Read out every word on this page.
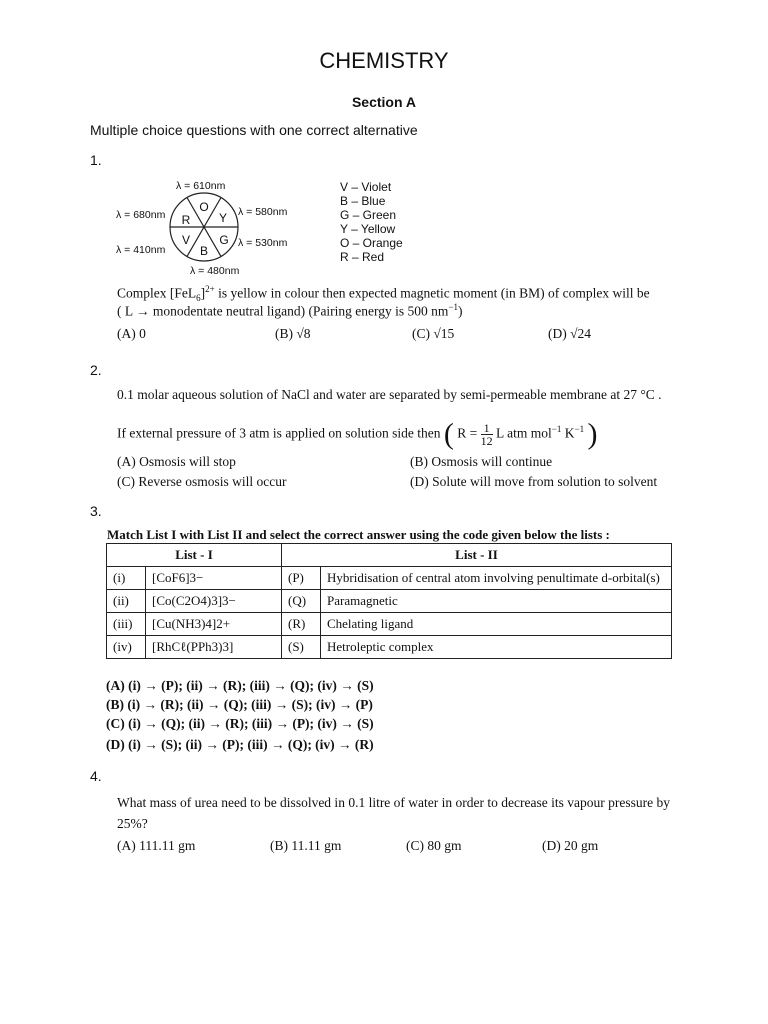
CHEMISTRY
Section A
Multiple choice questions with one correct alternative
1.
λ = 610nm
λ = 580nm
λ = 530nm
λ = 480nm
λ = 410nm
λ = 680nm
O
Y
G
B
V
R
V – Violet
B – Blue
G – Green
Y – Yellow
O – Orange
R – Red
Complex $[FeL_6]^{2+}$ is yellow in colour then expected magnetic moment (in BM) of complex will be
( L → monodentate neutral ligand) (Pairing energy is 500 $nm^{-1}$)
(A) 0	(B) √8	(C) √15	(D) √24
2.
0.1 molar aqueous solution of NaCl and water are separated by semi-permeable membrane at 27 °C .
If external pressure of 3 atm is applied on solution side then ( $R = \frac{1}{12}$ L atm mol$^{-1}$ $K^{-1}$ )
(A) Osmosis will stop	(B) Osmosis will continue
(C) Reverse osmosis will occur	(D) Solute will move from solution to solvent
3.
Match List I with List II and select the correct answer using the code given below the lists :
List - I		List - II	
(i)	[CoF6]3−	(P)	Hybridisation of central atom involving penultimate d-orbital(s)
(ii)	[Co(C2O4)3]3−	(Q)	Paramagnetic
(iii)	[Cu(NH3)4]2+	(R)	Chelating ligand
(iv)	[RhCℓ(PPh3)3]	(S)	Hetroleptic complex
(A) (i) → (P); (ii) → (R); (iii) → (Q); (iv) → (S)
(B) (i) → (R); (ii) → (Q); (iii) → (S); (iv) → (P)
(C) (i) → (Q); (ii) → (R); (iii) → (P); (iv) → (S)
(D) (i) → (S); (ii) → (P); (iii) → (Q); (iv) → (R)
4.
What mass of urea need to be dissolved in 0.1 litre of water in order to decrease its vapour pressure by
25%?
(A) 111.11 gm	(B) 11.11 gm	(C) 80 gm	(D) 20 gm
